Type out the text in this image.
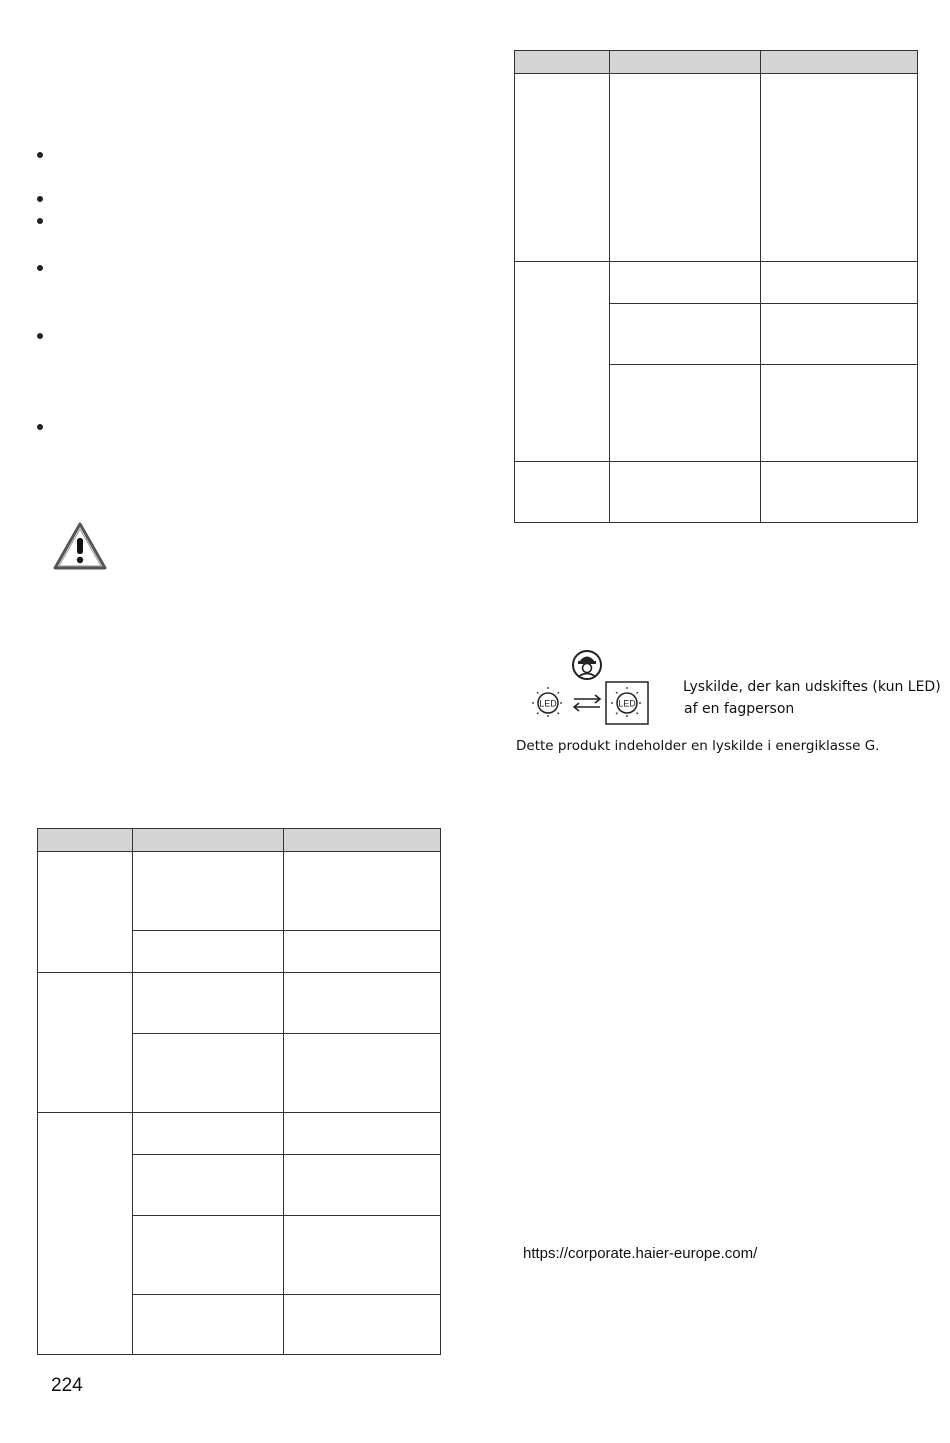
LED	LED
Lyskilde, der kan udskiftes (kun LED)
af en fagperson
Dette produkt indeholder en lyskilde i energiklasse G.
https://corporate.haier-europe.com/
224
